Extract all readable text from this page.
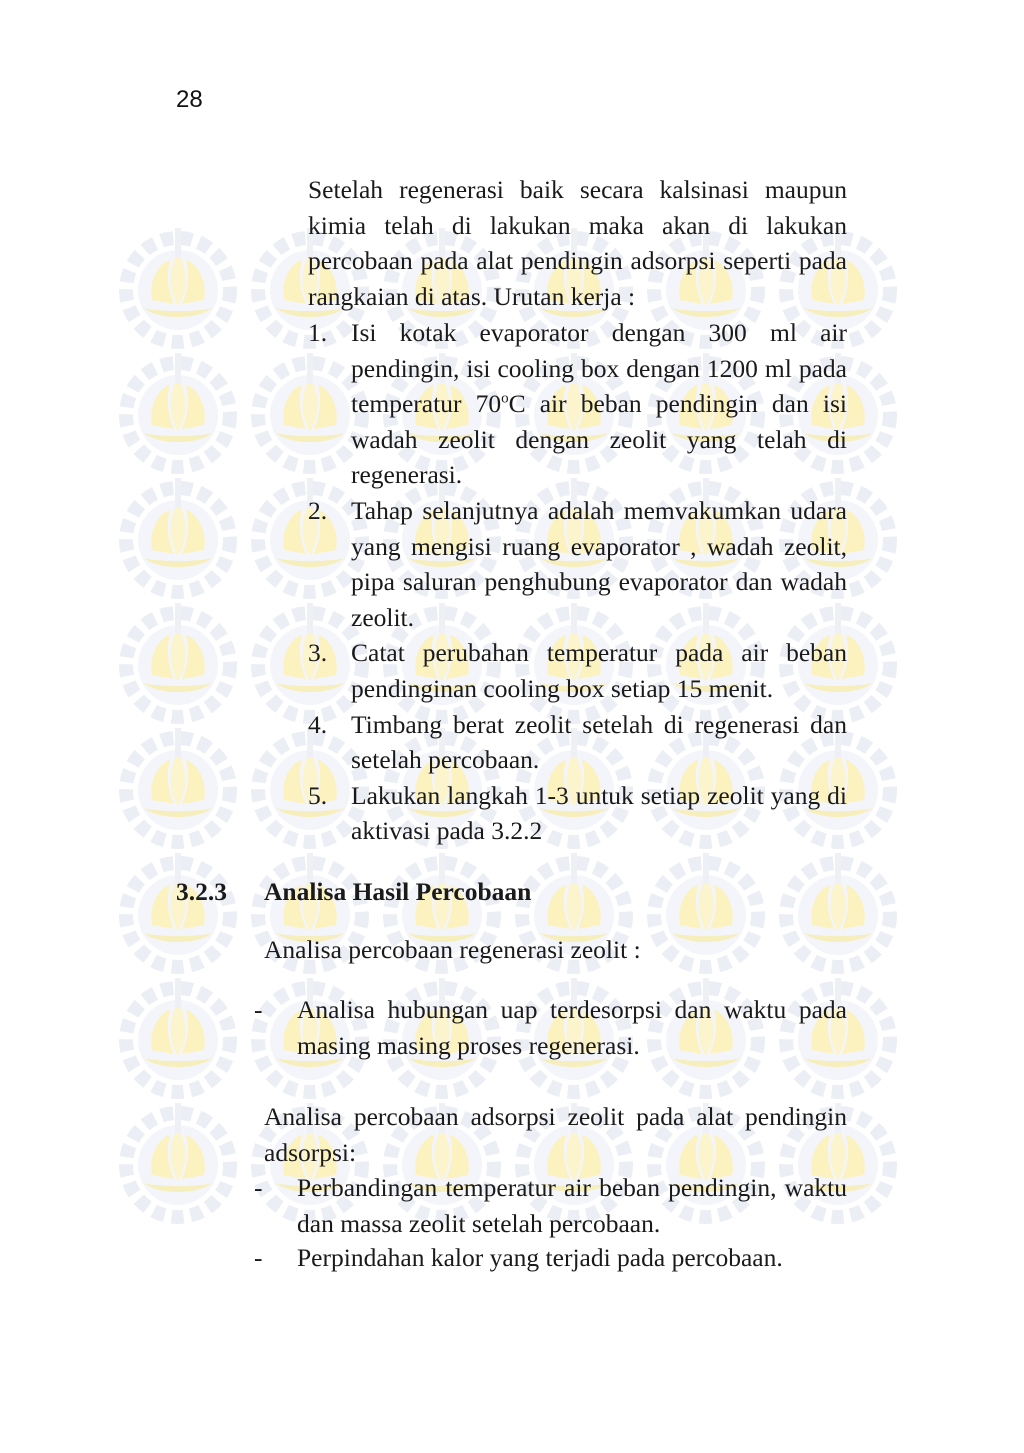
28

Setelah regenerasi baik secara kalsinasi maupun kimia telah di lakukan maka akan di lakukan percobaan pada alat pendingin adsorpsi seperti pada rangkaian di atas. Urutan kerja :

1. Isi kotak evaporator dengan 300 ml air pendingin, isi cooling box dengan 1200 ml pada temperatur 70$^o$C air beban pendingin dan isi wadah zeolit dengan zeolit yang telah di regenerasi.
2. Tahap selanjutnya adalah memvakumkan udara yang mengisi ruang evaporator , wadah zeolit, pipa saluran penghubung evaporator dan wadah zeolit.
3. Catat perubahan temperatur pada air beban pendinginan cooling box setiap 15 menit.
4. Timbang berat zeolit setelah di regenerasi dan setelah percobaan.
5. Lakukan langkah 1-3 untuk setiap zeolit yang di aktivasi pada 3.2.2
3.2.3 Analisa Hasil Percobaan
Analisa percobaan regenerasi zeolit :
-	Analisa hubungan uap terdesorpsi dan waktu pada masing masing proses regenerasi.
Analisa percobaan adsorpsi zeolit pada alat pendingin adsorpsi:
-	Perbandingan temperatur air beban pendingin, waktu dan massa zeolit setelah percobaan.
-	Perpindahan kalor yang terjadi pada percobaan.
